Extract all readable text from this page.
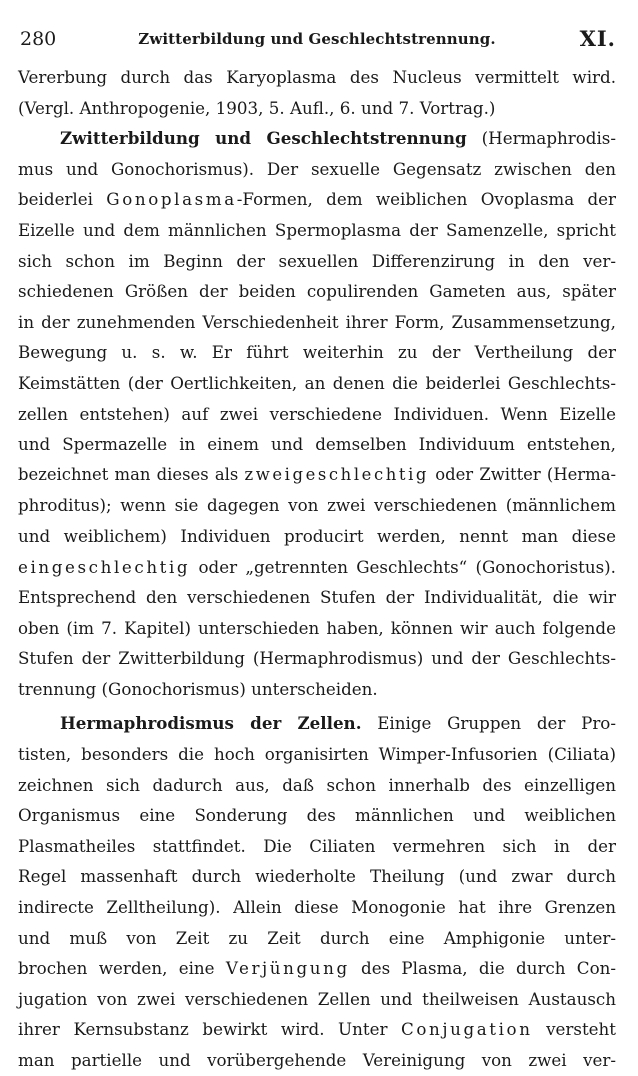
280	Zwitterbildung und Geschlechtstrennung.	XI.
Vererbung durch das Karyoplasma des Nucleus vermittelt wird.
(Vergl. Anthropogenie, 1903, 5. Aufl., 6. und 7. Vortrag.)
Zwitterbildung und Geschlechtstrennung (Hermaphrodis-
mus und Gonochorismus). Der sexuelle Gegensatz zwischen den
beiderlei Gonoplasma-Formen, dem weiblichen Ovoplasma der
Eizelle und dem männlichen Spermoplasma der Samenzelle, spricht
sich schon im Beginn der sexuellen Differenzirung in den ver-
schiedenen Größen der beiden copulirenden Gameten aus, später
in der zunehmenden Verschiedenheit ihrer Form, Zusammensetzung,
Bewegung u. s. w. Er führt weiterhin zu der Vertheilung der
Keimstätten (der Oertlichkeiten, an denen die beiderlei Geschlechts-
zellen entstehen) auf zwei verschiedene Individuen. Wenn Eizelle
und Spermazelle in einem und demselben Individuum entstehen,
bezeichnet man dieses als zweigeschlechtig oder Zwitter (Herma-
phroditus); wenn sie dagegen von zwei verschiedenen (männlichem
und weiblichem) Individuen producirt werden, nennt man diese
eingeschlechtig oder „getrennten Geschlechts“ (Gonochoristus).
Entsprechend den verschiedenen Stufen der Individualität, die wir
oben (im 7. Kapitel) unterschieden haben, können wir auch folgende
Stufen der Zwitterbildung (Hermaphrodismus) und der Geschlechts-
trennung (Gonochorismus) unterscheiden.
Hermaphrodismus der Zellen. Einige Gruppen der Pro-
tisten, besonders die hoch organisirten Wimper-Infusorien (Ciliata)
zeichnen sich dadurch aus, daß schon innerhalb des einzelligen
Organismus eine Sonderung des männlichen und weiblichen
Plasmatheiles stattfindet. Die Ciliaten vermehren sich in der
Regel massenhaft durch wiederholte Theilung (und zwar durch
indirecte Zelltheilung). Allein diese Monogonie hat ihre Grenzen
und muß von Zeit zu Zeit durch eine Amphigonie unter-
brochen werden, eine Verjüngung des Plasma, die durch Con-
jugation von zwei verschiedenen Zellen und theilweisen Austausch
ihrer Kernsubstanz bewirkt wird. Unter Conjugation versteht
man partielle und vorübergehende Vereinigung von zwei ver-
